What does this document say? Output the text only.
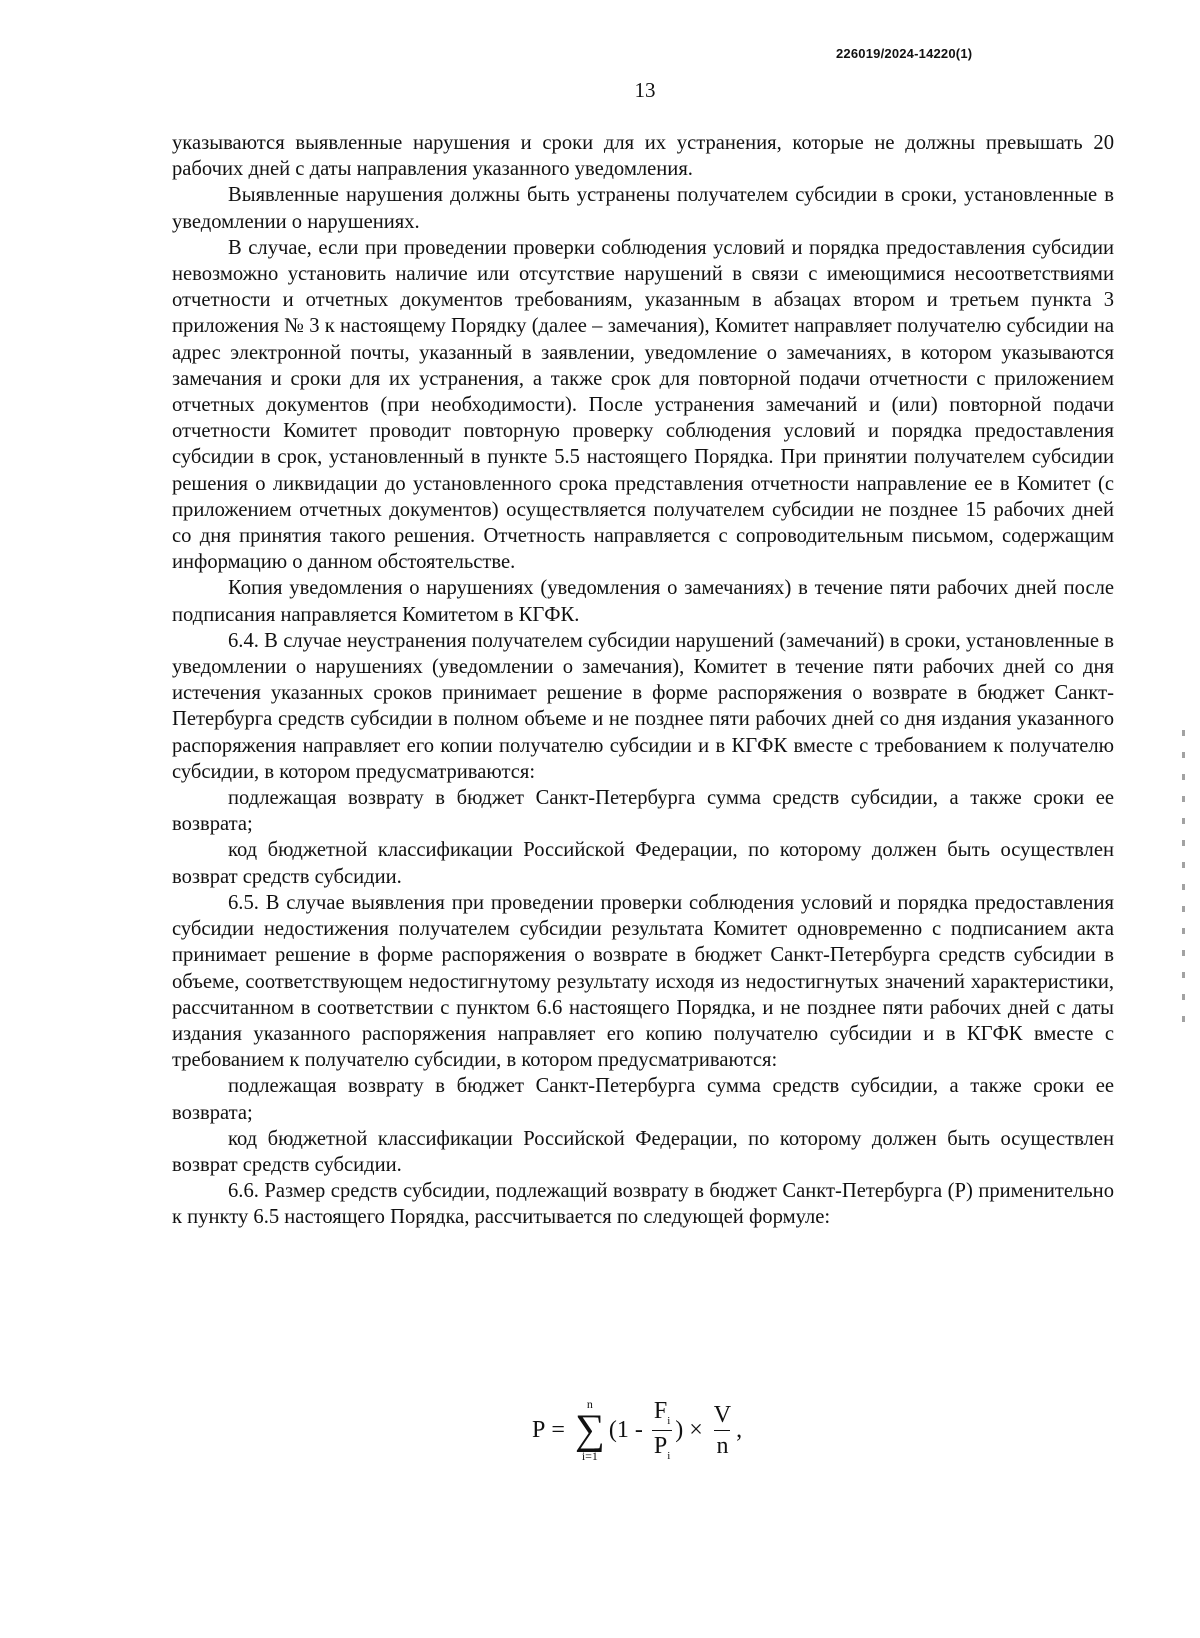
226019/2024-14220(1)
13

указываются выявленные нарушения и сроки для их устранения, которые не должны превышать 20 рабочих дней с даты направления указанного уведомления.

Выявленные нарушения должны быть устранены получателем субсидии в сроки, установленные в уведомлении о нарушениях.

В случае, если при проведении проверки соблюдения условий и порядка предоставления субсидии невозможно установить наличие или отсутствие нарушений в связи с имеющимися несоответствиями отчетности и отчетных документов требованиям, указанным в абзацах втором и третьем пункта 3 приложения № 3 к настоящему Порядку (далее – замечания), Комитет направляет получателю субсидии на адрес электронной почты, указанный в заявлении, уведомление о замечаниях, в котором указываются замечания и сроки для их устранения, а также срок для повторной подачи отчетности с приложением отчетных документов (при необходимости). После устранения замечаний и (или) повторной подачи отчетности Комитет проводит повторную проверку соблюдения условий и порядка предоставления субсидии в срок, установленный в пункте 5.5 настоящего Порядка. При принятии получателем субсидии решения о ликвидации до установленного срока представления отчетности направление ее в Комитет (с приложением отчетных документов) осуществляется получателем субсидии не позднее 15 рабочих дней со дня принятия такого решения. Отчетность направляется с сопроводительным письмом, содержащим информацию о данном обстоятельстве.

Копия уведомления о нарушениях (уведомления о замечаниях) в течение пяти рабочих дней после подписания направляется Комитетом в КГФК.

6.4. В случае неустранения получателем субсидии нарушений (замечаний) в сроки, установленные в уведомлении о нарушениях (уведомлении о замечания), Комитет в течение пяти рабочих дней со дня истечения указанных сроков принимает решение в форме распоряжения о возврате в бюджет Санкт-Петербурга средств субсидии в полном объеме и не позднее пяти рабочих дней со дня издания указанного распоряжения направляет его копии получателю субсидии и в КГФК вместе с требованием к получателю субсидии, в котором предусматриваются:

подлежащая возврату в бюджет Санкт-Петербурга сумма средств субсидии, а также сроки ее возврата;

код бюджетной классификации Российской Федерации, по которому должен быть осуществлен возврат средств субсидии.

6.5. В случае выявления при проведении проверки соблюдения условий и порядка предоставления субсидии недостижения получателем субсидии результата Комитет одновременно с подписанием акта принимает решение в форме распоряжения о возврате в бюджет Санкт-Петербурга средств субсидии в объеме, соответствующем недостигнутому результату исходя из недостигнутых значений характеристики, рассчитанном в соответствии с пунктом 6.6 настоящего Порядка, и не позднее пяти рабочих дней с даты издания указанного распоряжения направляет его копию получателю субсидии и в КГФК вместе с требованием к получателю субсидии, в котором предусматриваются:

подлежащая возврату в бюджет Санкт-Петербурга сумма средств субсидии, а также сроки ее возврата;

код бюджетной классификации Российской Федерации, по которому должен быть осуществлен возврат средств субсидии.

6.6. Размер средств субсидии, подлежащий возврату в бюджет Санкт-Петербурга (P) применительно к пункту 6.5 настоящего Порядка, рассчитывается по следующей формуле:

P =
n
∑
i=1
($1 - \frac{F_i}{P_i}$ ) × $\frac{V}{n}$ ,
